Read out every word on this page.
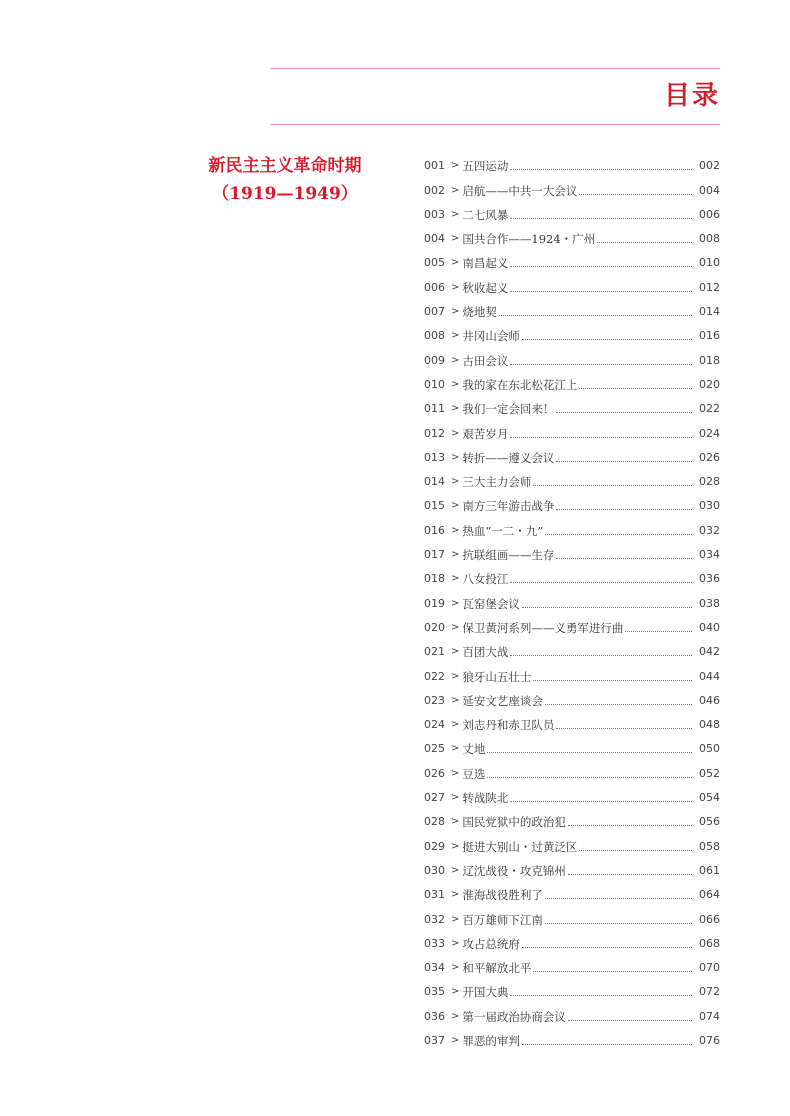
目录
新民主主义革命时期
（1919—1949）
001 > 五四运动	002
002 > 启航——中共一大会议	004
003 > 二七风暴	006
004 > 国共合作——1924・广州	008
005 > 南昌起义	010
006 > 秋收起义	012
007 > 烧地契	014
008 > 井冈山会师	016
009 > 古田会议	018
010 > 我的家在东北松花江上	020
011 > 我们一定会回来！	022
012 > 艰苦岁月	024
013 > 转折——遵义会议	026
014 > 三大主力会师	028
015 > 南方三年游击战争	030
016 > 热血“一二・九”	032
017 > 抗联组画——生存	034
018 > 八女投江	036
019 > 瓦窑堡会议	038
020 > 保卫黄河系列——义勇军进行曲	040
021 > 百团大战	042
022 > 狼牙山五壮士	044
023 > 延安文艺座谈会	046
024 > 刘志丹和赤卫队员	048
025 > 丈地	050
026 > 豆选	052
027 > 转战陕北	054
028 > 国民党狱中的政治犯	056
029 > 挺进大别山・过黄泛区	058
030 > 辽沈战役・攻克锦州	061
031 > 淮海战役胜利了	064
032 > 百万雄师下江南	066
033 > 攻占总统府	068
034 > 和平解放北平	070
035 > 开国大典	072
036 > 第一届政治协商会议	074
037 > 罪恶的审判	076
